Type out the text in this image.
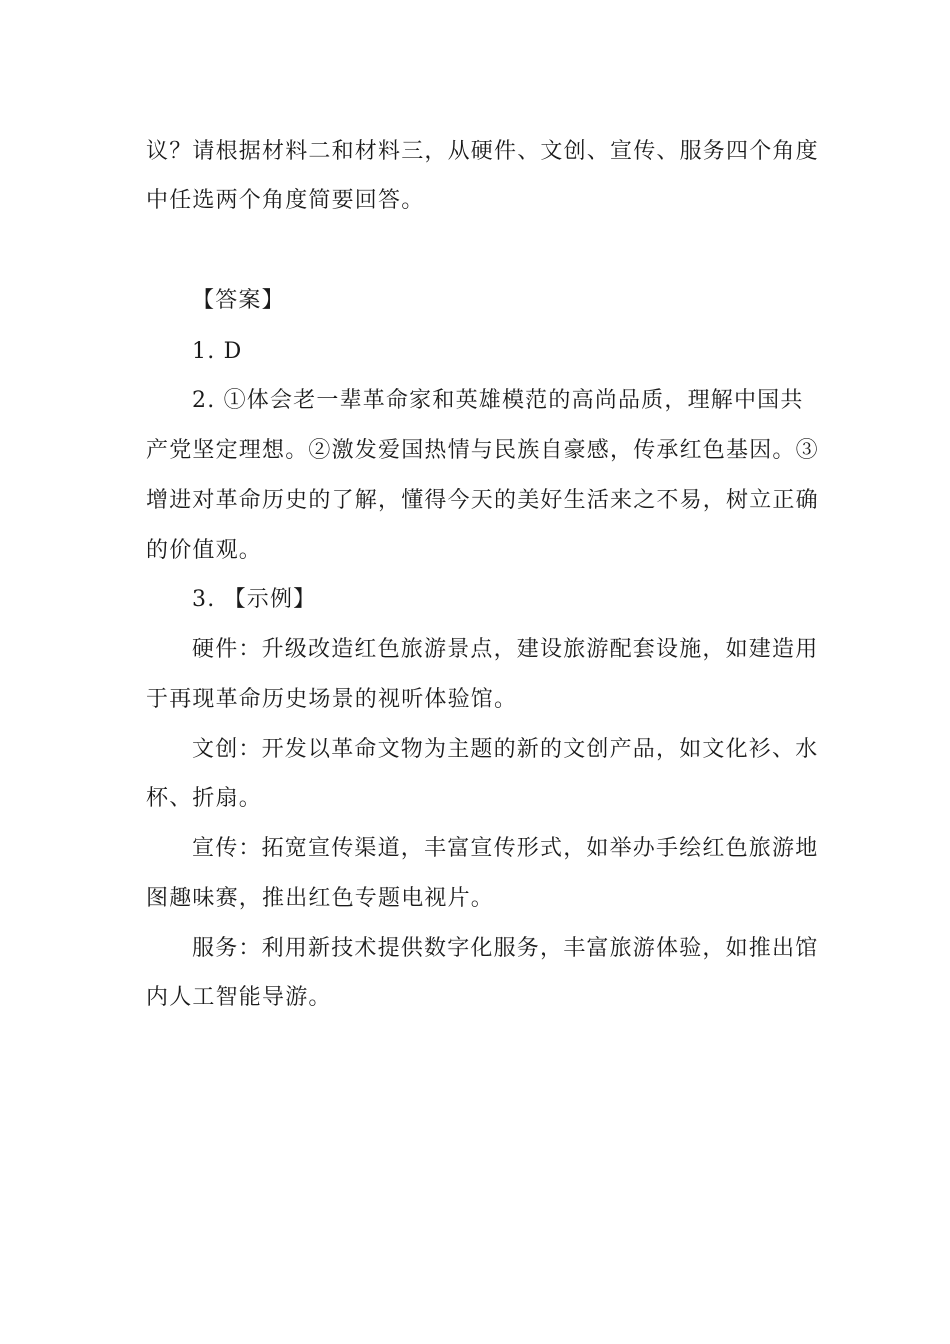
议？请根据材料二和材料三，从硬件、文创、宣传、服务四个角度
中任选两个角度简要回答。
【答案】
1. D
2. ①体会老一辈革命家和英雄模范的高尚品质，理解中国共
产党坚定理想。②激发爱国热情与民族自豪感，传承红色基因。③
增进对革命历史的了解，懂得今天的美好生活来之不易，树立正确
的价值观。
3. 【示例】
硬件：升级改造红色旅游景点，建设旅游配套设施，如建造用
于再现革命历史场景的视听体验馆。
文创：开发以革命文物为主题的新的文创产品，如文化衫、水
杯、折扇。
宣传：拓宽宣传渠道，丰富宣传形式，如举办手绘红色旅游地
图趣味赛，推出红色专题电视片。
服务：利用新技术提供数字化服务，丰富旅游体验，如推出馆
内人工智能导游。
